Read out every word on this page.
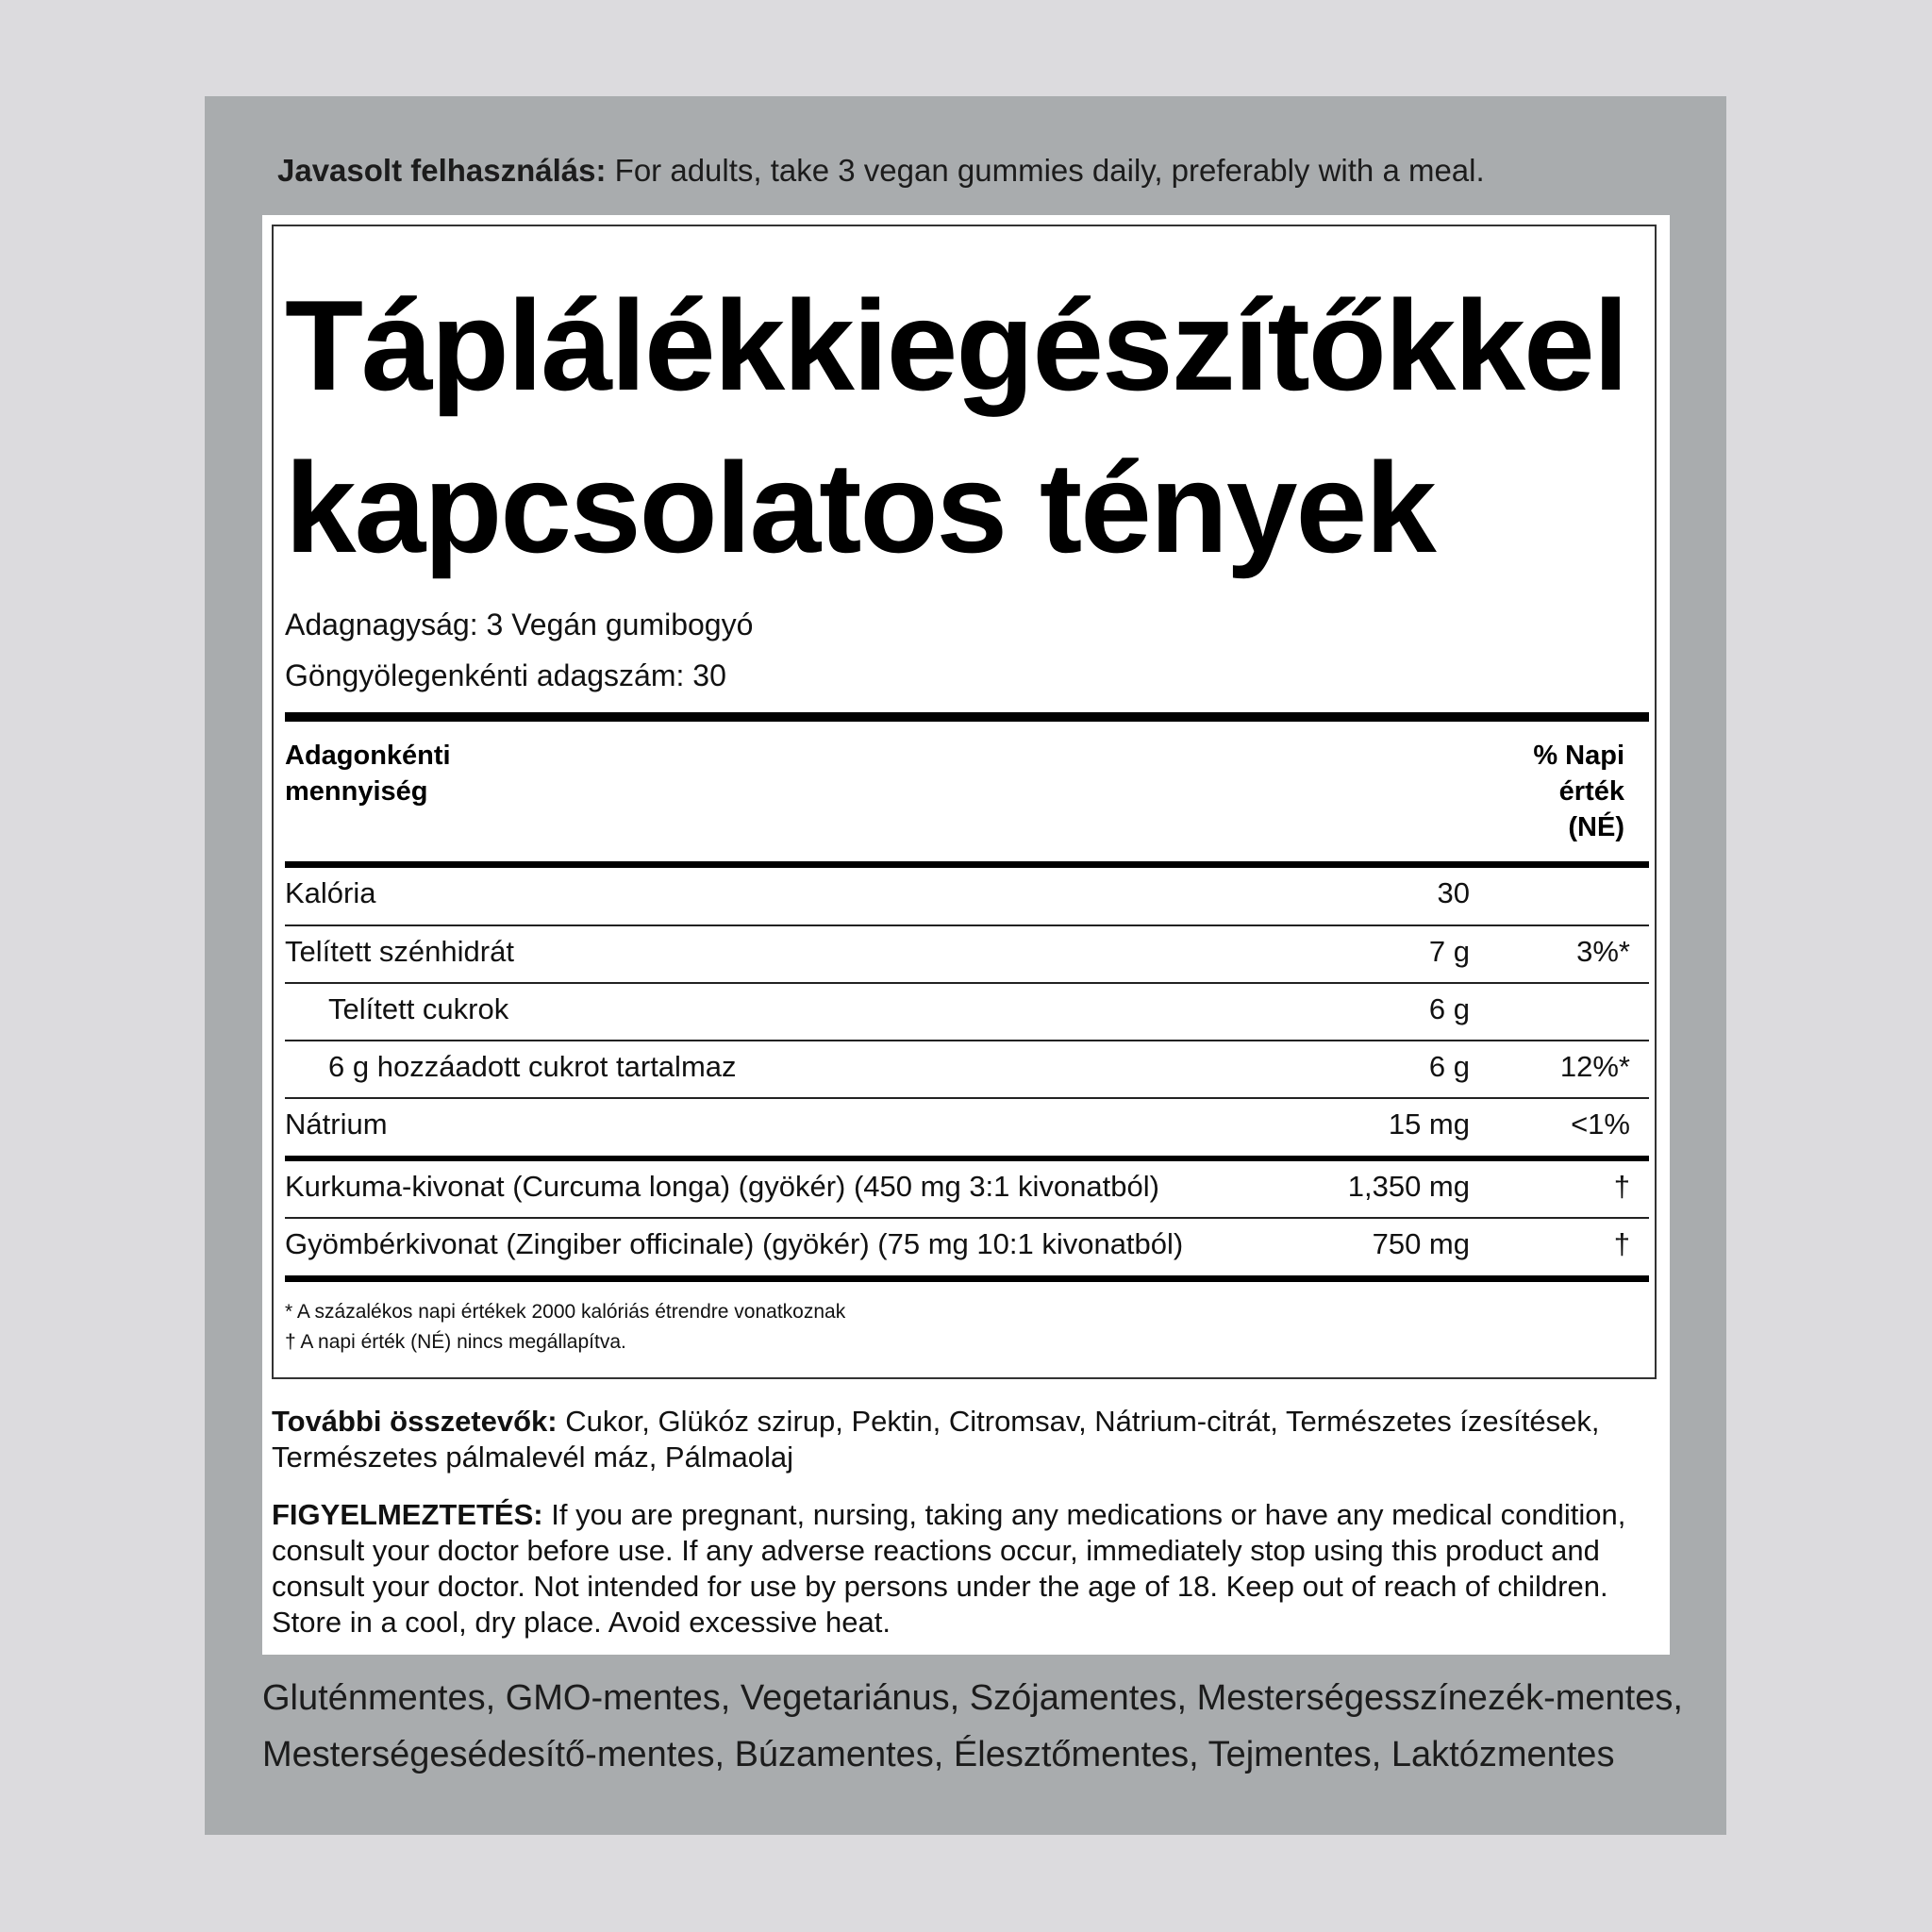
Javasolt felhasználás: For adults, take 3 vegan gummies daily, preferably with a meal.
Táplálékkiegészítőkkel
kapcsolatos tények
Adagnagyság: 3 Vegán gumibogyó
Göngyölegenkénti adagszám: 30
Adagonkénti
mennyiség
% Napi
érték
(NÉ)
Kalória	30
Telített szénhidrát	7 g	3%*
Telített cukrok	6 g
6 g hozzáadott cukrot tartalmaz	6 g	12%*
Nátrium	15 mg	<1%
Kurkuma-kivonat (Curcuma longa) (gyökér) (450 mg 3:1 kivonatból)	1,350 mg	†
Gyömbérkivonat (Zingiber officinale) (gyökér) (75 mg 10:1 kivonatból)	750 mg	†
* A százalékos napi értékek 2000 kalóriás étrendre vonatkoznak
† A napi érték (NÉ) nincs megállapítva.
További összetevők: Cukor, Glükóz szirup, Pektin, Citromsav, Nátrium-citrát, Természetes ízesítések, Természetes pálmalevél máz, Pálmaolaj
FIGYELMEZTETÉS: If you are pregnant, nursing, taking any medications or have any medical condition, consult your doctor before use. If any adverse reactions occur, immediately stop using this product and consult your doctor. Not intended for use by persons under the age of 18. Keep out of reach of children. Store in a cool, dry place. Avoid excessive heat.
Gluténmentes, GMO-mentes, Vegetariánus, Szójamentes, Mesterségesszínezék-mentes,
Mesterségesédesítő-mentes, Búzamentes, Élesztőmentes, Tejmentes, Laktózmentes
